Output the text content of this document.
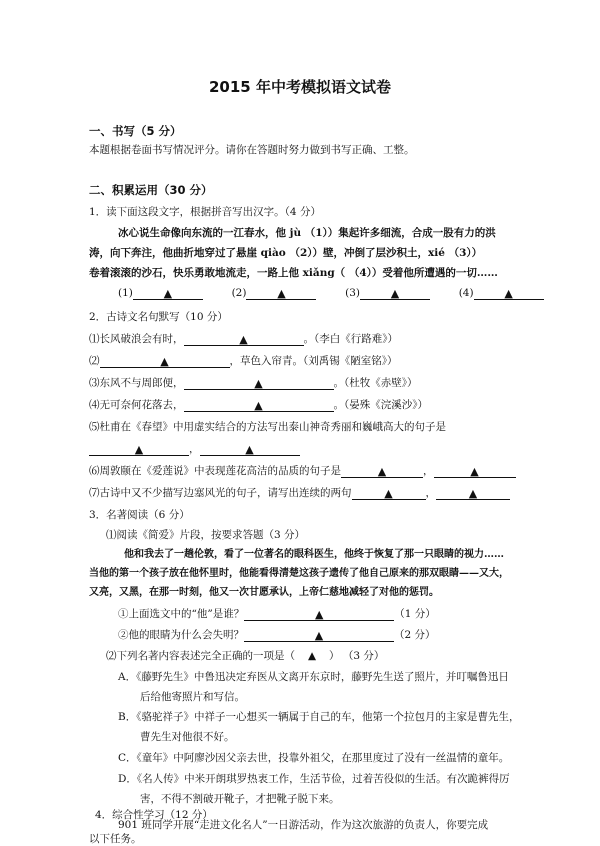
2015 年中考模拟语文试卷
一、书写（5 分）
本题根据卷面书写情况评分。请你在答题时努力做到书写正确、工整。
二、积累运用（30 分）
1．读下面这段文字，根据拼音写出汉字。（4 分）
冰心说生命像向东流的一江春水，他 jù （1））集起许多细流，合成一股有力的洪
涛，向下奔注，他曲折地穿过了悬崖 qiào （2））壁，冲倒了层沙积土，xié （3））
卷着滚滚的沙石，快乐勇敢地流走，一路上他 xiǎng（ （4））受着他所遭遇的一切……
(1)	▲	(2)	▲	(3)	▲	(4)	▲
2．古诗文名句默写（10 分）
⑴长风破浪会有时，	▲	。（李白《行路难》）
⑵	▲	，草色入帘青。（刘禹锡《陋室铭》）
⑶东风不与周郎便，	▲	。（杜牧《赤壁》）
⑷无可奈何花落去，	▲	。（晏殊《浣溪沙》）
⑸杜甫在《春望》中用虚实结合的方法写出泰山神奇秀丽和巍峨高大的句子是
▲	，	▲
⑹周敦颐在《爱莲说》中表现莲花高洁的品质的句子是	▲	，	▲
⑺古诗中又不少描写边塞风光的句子，请写出连续的两句	▲	，	▲
3．名著阅读（6 分）
⑴阅读《简爱》片段，按要求答题（3 分）
他和我去了一趟伦敦，看了一位著名的眼科医生，他终于恢复了那一只眼睛的视力……
当他的第一个孩子放在他怀里时，他能看得清楚这孩子遗传了他自己原来的那双眼睛——又大，
又亮，又黑，在那一时刻，他又一次甘愿承认，上帝仁慈地减轻了对他的惩罚。
①上面选文中的“他”是谁？	▲	（1 分）
②他的眼睛为什么会失明？	▲	（2 分）
⑵下列名著内容表述完全正确的一项是（ ▲ ） （3 分）
A．《藤野先生》中鲁迅决定弃医从文离开东京时，藤野先生送了照片，并叮嘱鲁迅日
后给他寄照片和写信。
B．《骆驼祥子》中祥子一心想买一辆属于自己的车，他第一个拉包月的主家是曹先生，
曹先生对他很不好。
C．《童年》中阿廖沙因父亲去世，投靠外祖父，在那里度过了没有一丝温情的童年。
D．《名人传》中米开朗琪罗热衷工作，生活节俭，过着苦役似的生活。有次跪裤得厉
害，不得不割破开靴子，才把靴子脱下来。
4．综合性学习（12 分）
901 班同学开展“走进文化名人”一日游活动，作为这次旅游的负责人，你要完成
以下任务。
